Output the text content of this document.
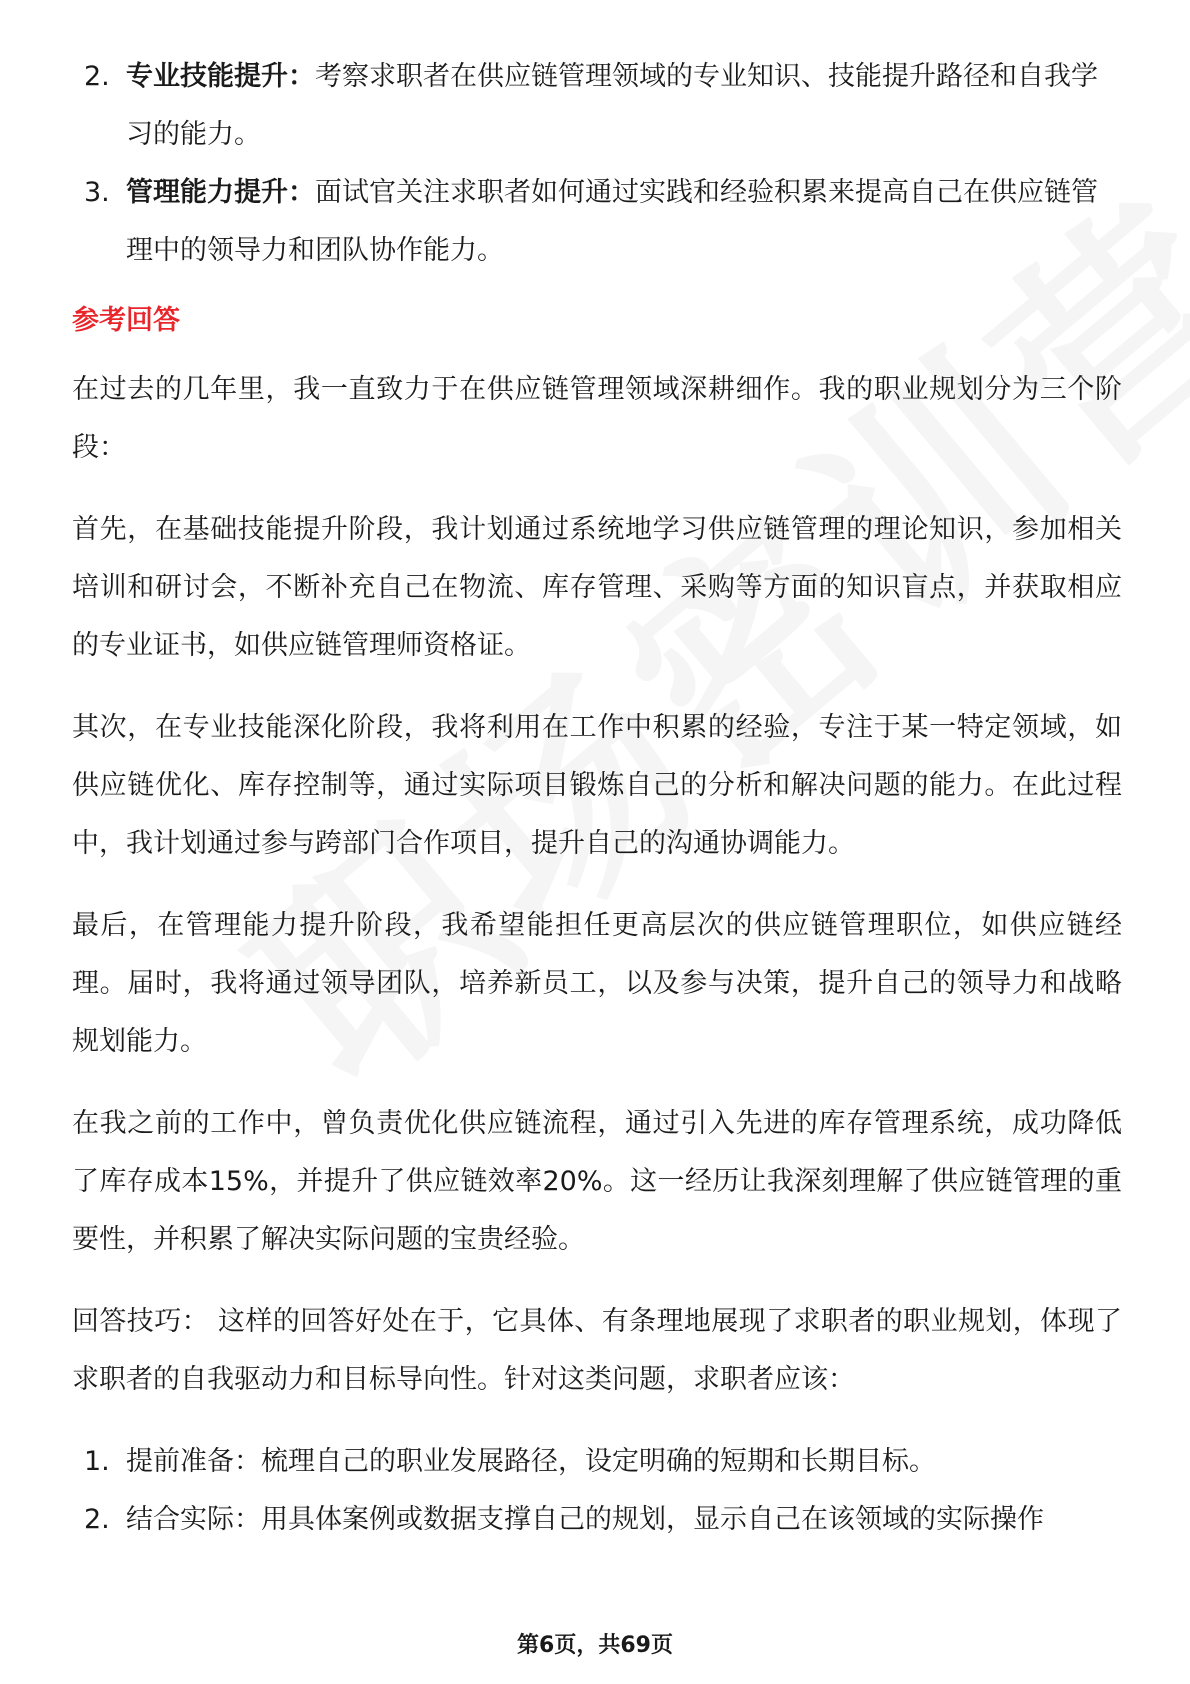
2. 专业技能提升：考察求职者在供应链管理领域的专业知识、技能提升路径和自我学习的能力。
3. 管理能力提升：面试官关注求职者如何通过实践和经验积累来提高自己在供应链管理中的领导力和团队协作能力。
参考回答

在过去的几年里，我一直致力于在供应链管理领域深耕细作。我的职业规划分为三个阶段：

首先，在基础技能提升阶段，我计划通过系统地学习供应链管理的理论知识，参加相关培训和研讨会，不断补充自己在物流、库存管理、采购等方面的知识盲点，并获取相应的专业证书，如供应链管理师资格证。

其次，在专业技能深化阶段，我将利用在工作中积累的经验，专注于某一特定领域，如供应链优化、库存控制等，通过实际项目锻炼自己的分析和解决问题的能力。在此过程中，我计划通过参与跨部门合作项目，提升自己的沟通协调能力。

最后，在管理能力提升阶段，我希望能担任更高层次的供应链管理职位，如供应链经理。届时，我将通过领导团队，培养新员工，以及参与决策，提升自己的领导力和战略规划能力。

在我之前的工作中，曾负责优化供应链流程，通过引入先进的库存管理系统，成功降低了库存成本15%，并提升了供应链效率20%。这一经历让我深刻理解了供应链管理的重要性，并积累了解决实际问题的宝贵经验。

回答技巧： 这样的回答好处在于，它具体、有条理地展现了求职者的职业规划，体现了求职者的自我驱动力和目标导向性。针对这类问题，求职者应该：

1. 提前准备：梳理自己的职业发展路径，设定明确的短期和长期目标。
2. 结合实际：用具体案例或数据支撑自己的规划，显示自己在该领域的实际操作
第6页，共69页
